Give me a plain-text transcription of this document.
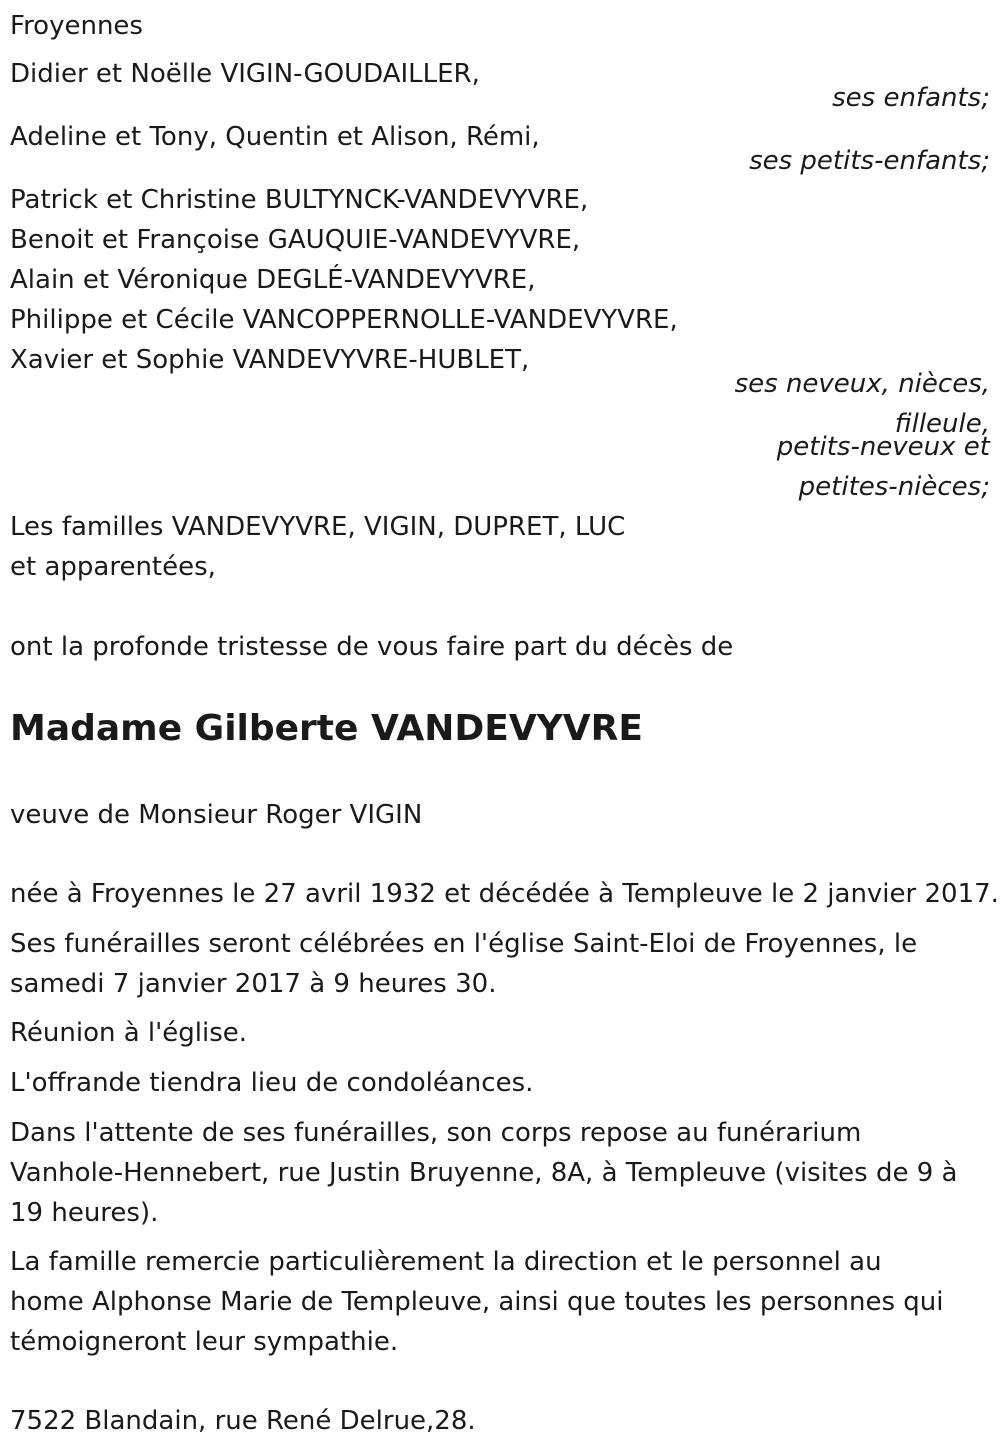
Froyennes
Didier et Noëlle VIGIN-GOUDAILLER,
ses enfants;
Adeline et Tony, Quentin et Alison, Rémi,
ses petits-enfants;
Patrick et Christine BULTYNCK-VANDEVYVRE,
Benoit et Françoise GAUQUIE-VANDEVYVRE,
Alain et Véronique DEGLÉ-VANDEVYVRE,
Philippe et Cécile VANCOPPERNOLLE-VANDEVYVRE,
Xavier et Sophie VANDEVYVRE-HUBLET,
ses neveux, nièces,
filleule,
petits-neveux et
petites-nièces;
Les familles VANDEVYVRE, VIGIN, DUPRET, LUC
et apparentées,
ont la profonde tristesse de vous faire part du décès de
Madame Gilberte VANDEVYVRE
veuve de Monsieur Roger VIGIN
née à Froyennes le 27 avril 1932 et décédée à Templeuve le 2 janvier 2017.
Ses funérailles seront célébrées en l'église Saint-Eloi de Froyennes, le
samedi 7 janvier 2017 à 9 heures 30.
Réunion à l'église.
L'offrande tiendra lieu de condoléances.
Dans l'attente de ses funérailles, son corps repose au funérarium
Vanhole-Hennebert, rue Justin Bruyenne, 8A, à Templeuve (visites de 9 à
19 heures).
La famille remercie particulièrement la direction et le personnel au
home Alphonse Marie de Templeuve, ainsi que toutes les personnes qui
témoigneront leur sympathie.
7522 Blandain, rue René Delrue,28.
